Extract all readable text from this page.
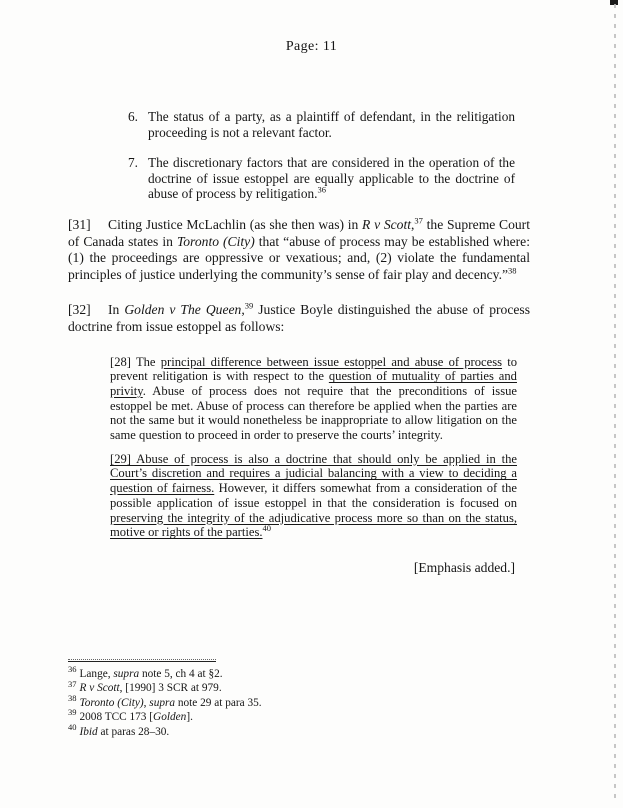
Page: 11
6. The status of a party, as a plaintiff of defendant, in the relitigation proceeding is not a relevant factor.
7. The discretionary factors that are considered in the operation of the doctrine of issue estoppel are equally applicable to the doctrine of abuse of process by relitigation.$^{36}$
[31] Citing Justice McLachlin (as she then was) in R v Scott,$^{37}$ the Supreme Court of Canada states in Toronto (City) that “abuse of process may be established where: (1) the proceedings are oppressive or vexatious; and, (2) violate the fundamental principles of justice underlying the community’s sense of fair play and decency.”$^{38}$
[32] In Golden v The Queen,$^{39}$ Justice Boyle distinguished the abuse of process doctrine from issue estoppel as follows:
[28] The principal difference between issue estoppel and abuse of process to prevent relitigation is with respect to the question of mutuality of parties and privity. Abuse of process does not require that the preconditions of issue estoppel be met. Abuse of process can therefore be applied when the parties are not the same but it would nonetheless be inappropriate to allow litigation on the same question to proceed in order to preserve the courts’ integrity.
[29] Abuse of process is also a doctrine that should only be applied in the Court’s discretion and requires a judicial balancing with a view to deciding a question of fairness. However, it differs somewhat from a consideration of the possible application of issue estoppel in that the consideration is focused on preserving the integrity of the adjudicative process more so than on the status, motive or rights of the parties.$^{40}$
[Emphasis added.]
$^{36}$ Lange, supra note 5, ch 4 at §2.
$^{37}$ R v Scott, [1990] 3 SCR at 979.
$^{38}$ Toronto (City), supra note 29 at para 35.
$^{39}$ 2008 TCC 173 [Golden].
$^{40}$ Ibid at paras 28–30.
